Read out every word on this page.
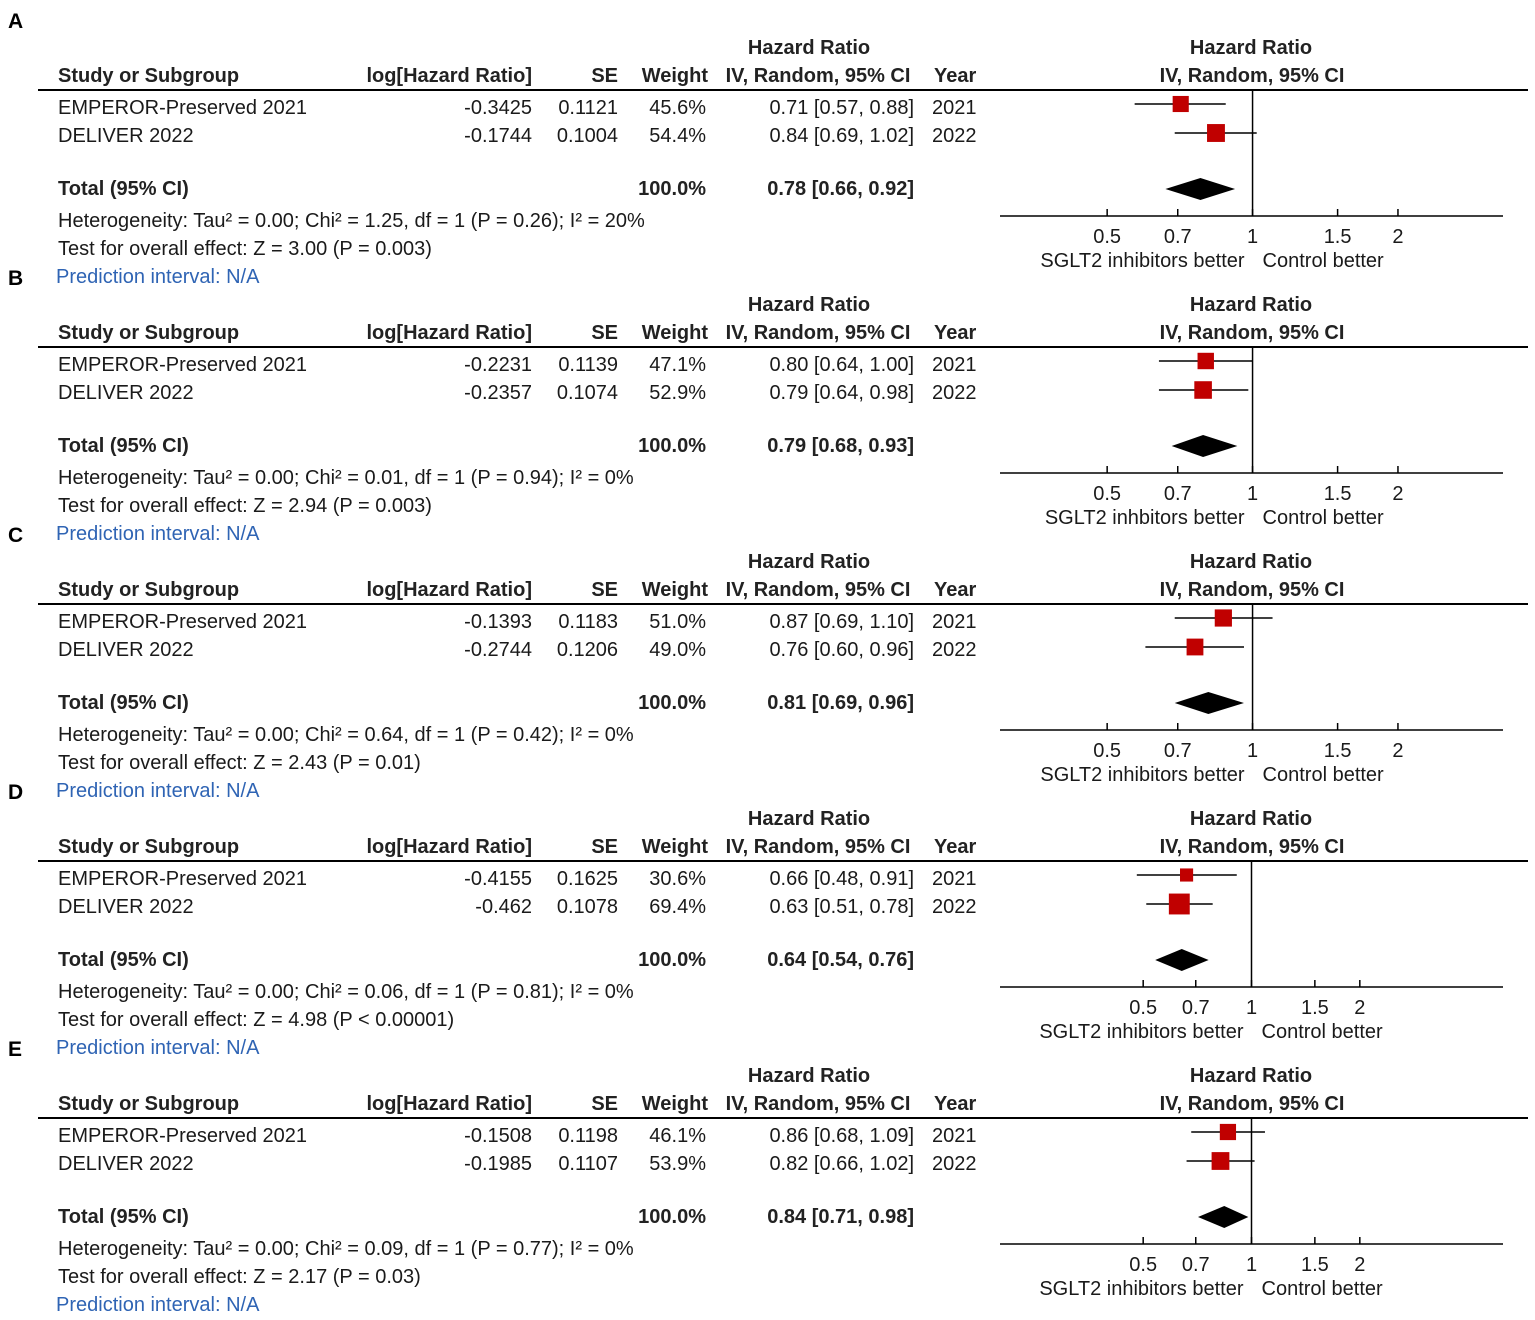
A
Hazard Ratio	Hazard Ratio
Study or Subgroup	log[Hazard Ratio]	SE	Weight IV, Random, 95% CI	Year	IV, Random, 95% CI
EMPEROR-Preserved 2021	-0.3425	0.1121	45.6%	0.71 [0.57, 0.88] 2021
DELIVER 2022	-0.1744	0.1004	54.4%	0.84 [0.69, 1.02] 2022
Total (95% CI)	100.0%	0.78 [0.66, 0.92]
Heterogeneity: Tau² = 0.00; Chi² = 1.25, df = 1 (P = 0.26); I² = 20%
Test for overall effect: Z = 3.00 (P = 0.003)
Prediction interval: N/A
0.5 0.7	1	1.5 2
SGLT2 inhibitors better Control better
B
Hazard Ratio	Hazard Ratio
Study or Subgroup	log[Hazard Ratio]	SE	Weight IV, Random, 95% CI	Year	IV, Random, 95% CI
EMPEROR-Preserved 2021	-0.2231	0.1139	47.1%	0.80 [0.64, 1.00] 2021
DELIVER 2022	-0.2357	0.1074	52.9%	0.79 [0.64, 0.98] 2022
Total (95% CI)	100.0%	0.79 [0.68, 0.93]
Heterogeneity: Tau² = 0.00; Chi² = 0.01, df = 1 (P = 0.94); I² = 0%
Test for overall effect: Z = 2.94 (P = 0.003)
Prediction interval: N/A
0.5 0.7	1	1.5 2
SGLT2 inhbitors better Control better
C
Hazard Ratio	Hazard Ratio
Study or Subgroup	log[Hazard Ratio]	SE	Weight IV, Random, 95% CI	Year	IV, Random, 95% CI
EMPEROR-Preserved 2021	-0.1393	0.1183	51.0%	0.87 [0.69, 1.10] 2021
DELIVER 2022	-0.2744	0.1206	49.0%	0.76 [0.60, 0.96] 2022
Total (95% CI)	100.0%	0.81 [0.69, 0.96]
Heterogeneity: Tau² = 0.00; Chi² = 0.64, df = 1 (P = 0.42); I² = 0%
Test for overall effect: Z = 2.43 (P = 0.01)
Prediction interval: N/A
0.5 0.7	1	1.5 2
SGLT2 inhibitors better Control better
D
Hazard Ratio	Hazard Ratio
Study or Subgroup	log[Hazard Ratio]	SE	Weight IV, Random, 95% CI	Year	IV, Random, 95% CI
EMPEROR-Preserved 2021	-0.4155	0.1625	30.6%	0.66 [0.48, 0.91] 2021
DELIVER 2022	-0.462	0.1078	69.4%	0.63 [0.51, 0.78] 2022
Total (95% CI)	100.0%	0.64 [0.54, 0.76]
Heterogeneity: Tau² = 0.00; Chi² = 0.06, df = 1 (P = 0.81); I² = 0%
Test for overall effect: Z = 4.98 (P < 0.00001)
Prediction interval: N/A
0.5 0.7 1 1.5 2
SGLT2 inhibitors better Control better
E
Hazard Ratio	Hazard Ratio
Study or Subgroup	log[Hazard Ratio]	SE	Weight IV, Random, 95% CI	Year	IV, Random, 95% CI
EMPEROR-Preserved 2021	-0.1508	0.1198	46.1%	0.86 [0.68, 1.09] 2021
DELIVER 2022	-0.1985	0.1107	53.9%	0.82 [0.66, 1.02] 2022
Total (95% CI)	100.0%	0.84 [0.71, 0.98]
Heterogeneity: Tau² = 0.00; Chi² = 0.09, df = 1 (P = 0.77); I² = 0%
Test for overall effect: Z = 2.17 (P = 0.03)
Prediction interval: N/A
0.5 0.7 1 1.5 2
SGLT2 inhibitors better Control better
